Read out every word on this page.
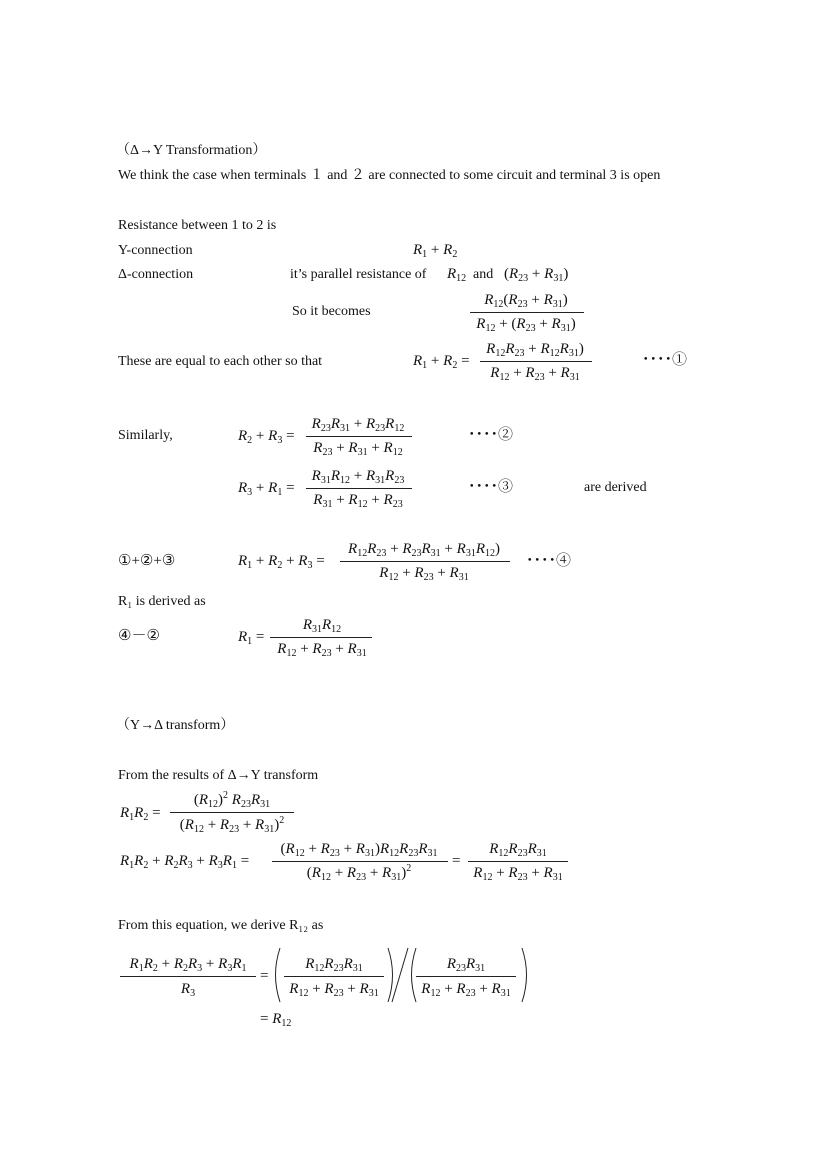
（Δ→Y Transformation）
We think the case when terminals １ and ２ are connected to some circuit and terminal 3 is open
Resistance between 1 to 2 is
Y-connection	$R_1 + R_2$
Δ-connection	it’s parallel resistance of $R_{12}$ and $(R_{23} + R_{31})$
So it becomes
$R_{12}(R_{23} + R_{31})$
$R_{12} + (R_{23} + R_{31})$
These are equal to each other so that	$R_1 + R_2$ =
$R_{12}R_{23} + R_{12}R_{31}$)
$R_{12} + R_{23} + R_{31}$
････①
Similarly,	$R_2 + R_3$ =
$R_{23}R_{31} + R_{23}R_{12}$
$R_{23} + R_{31} + R_{12}$
････②
$R_3 + R_1$ =
$R_{31}R_{12} + R_{31}R_{23}$
$R_{31} + R_{12} + R_{23}$
････③	are derived
①+②+③	$R_1 + R_2 + R_3$ =
$R_{12}R_{23} + R_{23}R_{31} + R_{31}R_{12}$)
$R_{12} + R_{23} + R_{31}$
････④
R₁ is derived as
④－②	$R_1$ =
$R_{31}R_{12}$
$R_{12} + R_{23} + R_{31}$
（Y→Δ transform）
From the results of Δ→Y transform
$R_1R_2$ =
$(R_{12})^2$ $R_{23}R_{31}$
$(R_{12} + R_{23} + R_{31})^2$
$R_1R_2 + R_2R_3 + R_3R_1$ =
$(R_{12} + R_{23} + R_{31})R_{12}R_{23}R_{31}$
$(R_{12} + R_{23} + R_{31})^2$	=
$R_{12}R_{23}R_{31}$
$R_{12} + R_{23} + R_{31}$
From this equation, we derive R₁₂ as
$R_1R_2 + R_2R_3 + R_3R_1$
$R_3$
=
$R_{12}R_{23}R_{31}$
$R_{12} + R_{23} + R_{31}$
$R_{23}R_{31}$
$R_{12} + R_{23} + R_{31}$
= $R_{12}$
